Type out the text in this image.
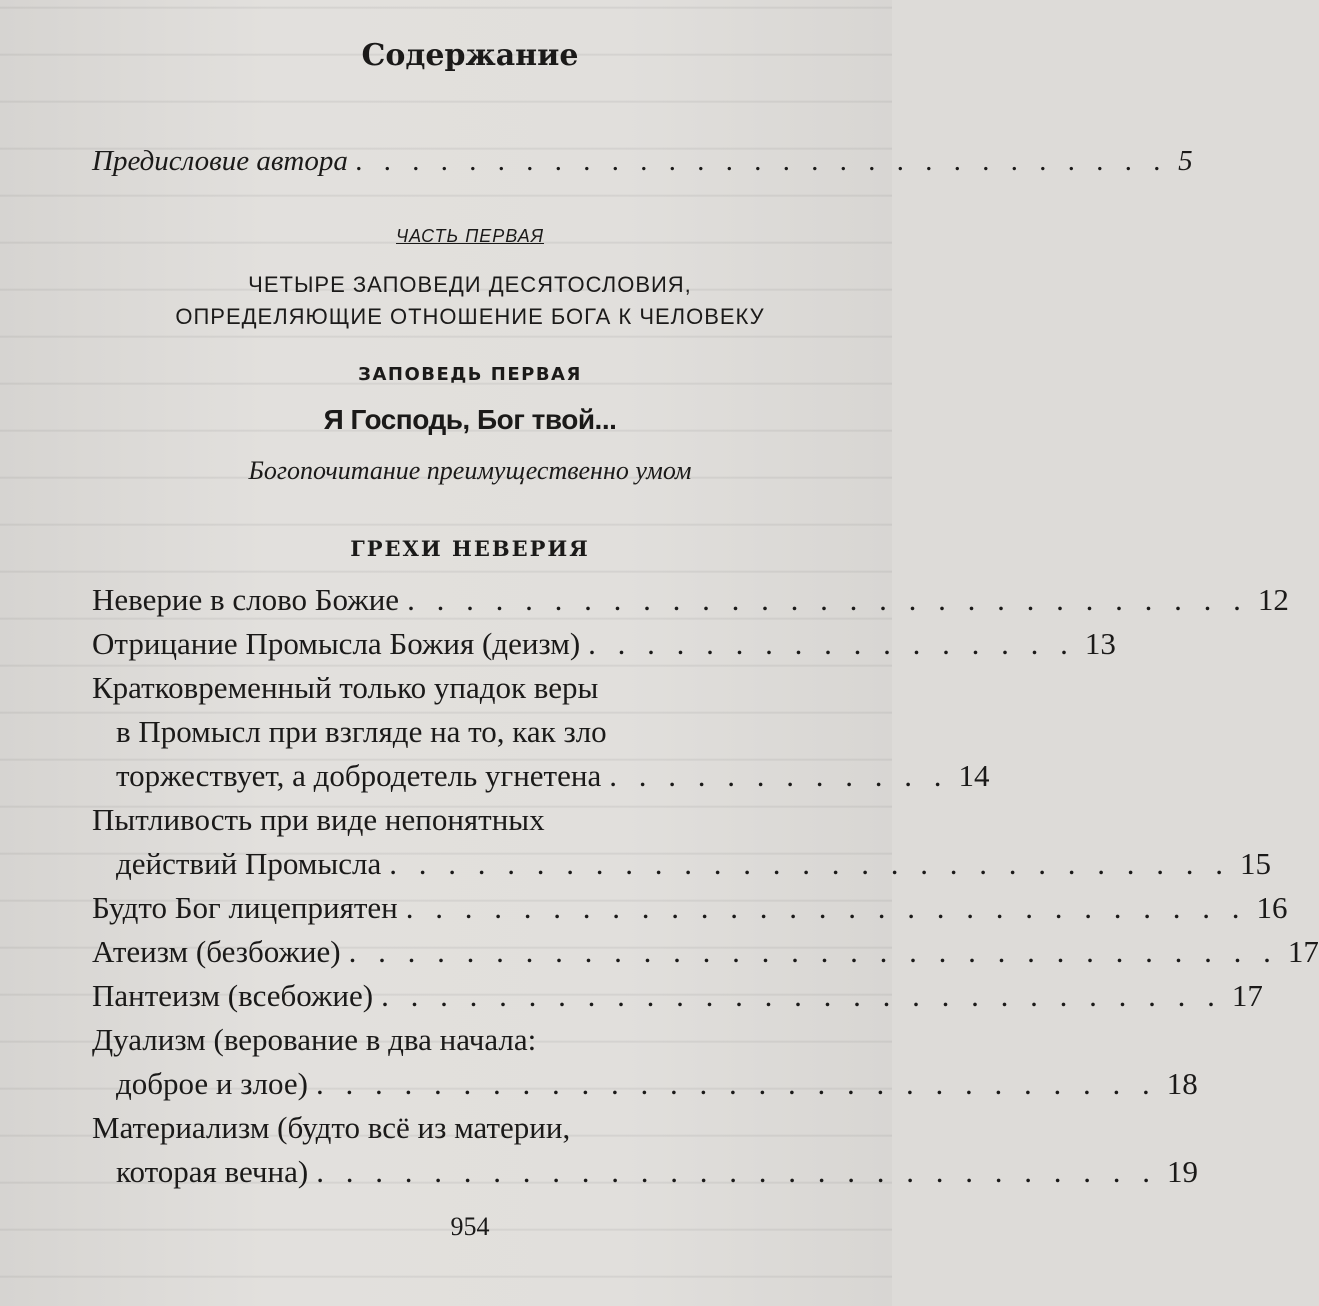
Содержание
Предисловие автора . . . . . . . . . . . . . . . . . . . . . . . . . . . . . 5
ЧАСТЬ ПЕРВАЯ
ЧЕТЫРЕ ЗАПОВЕДИ ДЕСЯТОСЛОВИЯ,
ОПРЕДЕЛЯЮЩИЕ ОТНОШЕНИЕ БОГА К ЧЕЛОВЕКУ
ЗАПОВЕДЬ ПЕРВАЯ
Я Господь, Бог твой...
Богопочитание преимущественно умом
ГРЕХИ НЕВЕРИЯ
Неверие в слово Божие . . . . . . . . . . . . . . . . . . . . . . . . . . . . . 12
Отрицание Промысла Божия (деизм) . . . . . . . . . . . . . . . . . 13
Кратковременный только упадок веры
в Промысл при взгляде на то, как зло
торжествует, а добродетель угнетена . . . . . . . . . . . . 14
Пытливость при виде непонятных
действий Промысла . . . . . . . . . . . . . . . . . . . . . . . . . . . . . 15
Будто Бог лицеприятен . . . . . . . . . . . . . . . . . . . . . . . . . . . . . 16
Атеизм (безбожие) . . . . . . . . . . . . . . . . . . . . . . . . . . . . . . . . 17
Пантеизм (всебожие) . . . . . . . . . . . . . . . . . . . . . . . . . . . . . 17
Дуализм (верование в два начала:
доброе и злое) . . . . . . . . . . . . . . . . . . . . . . . . . . . . . 18
Материализм (будто всё из материи,
которая вечна) . . . . . . . . . . . . . . . . . . . . . . . . . . . . . 19
954
